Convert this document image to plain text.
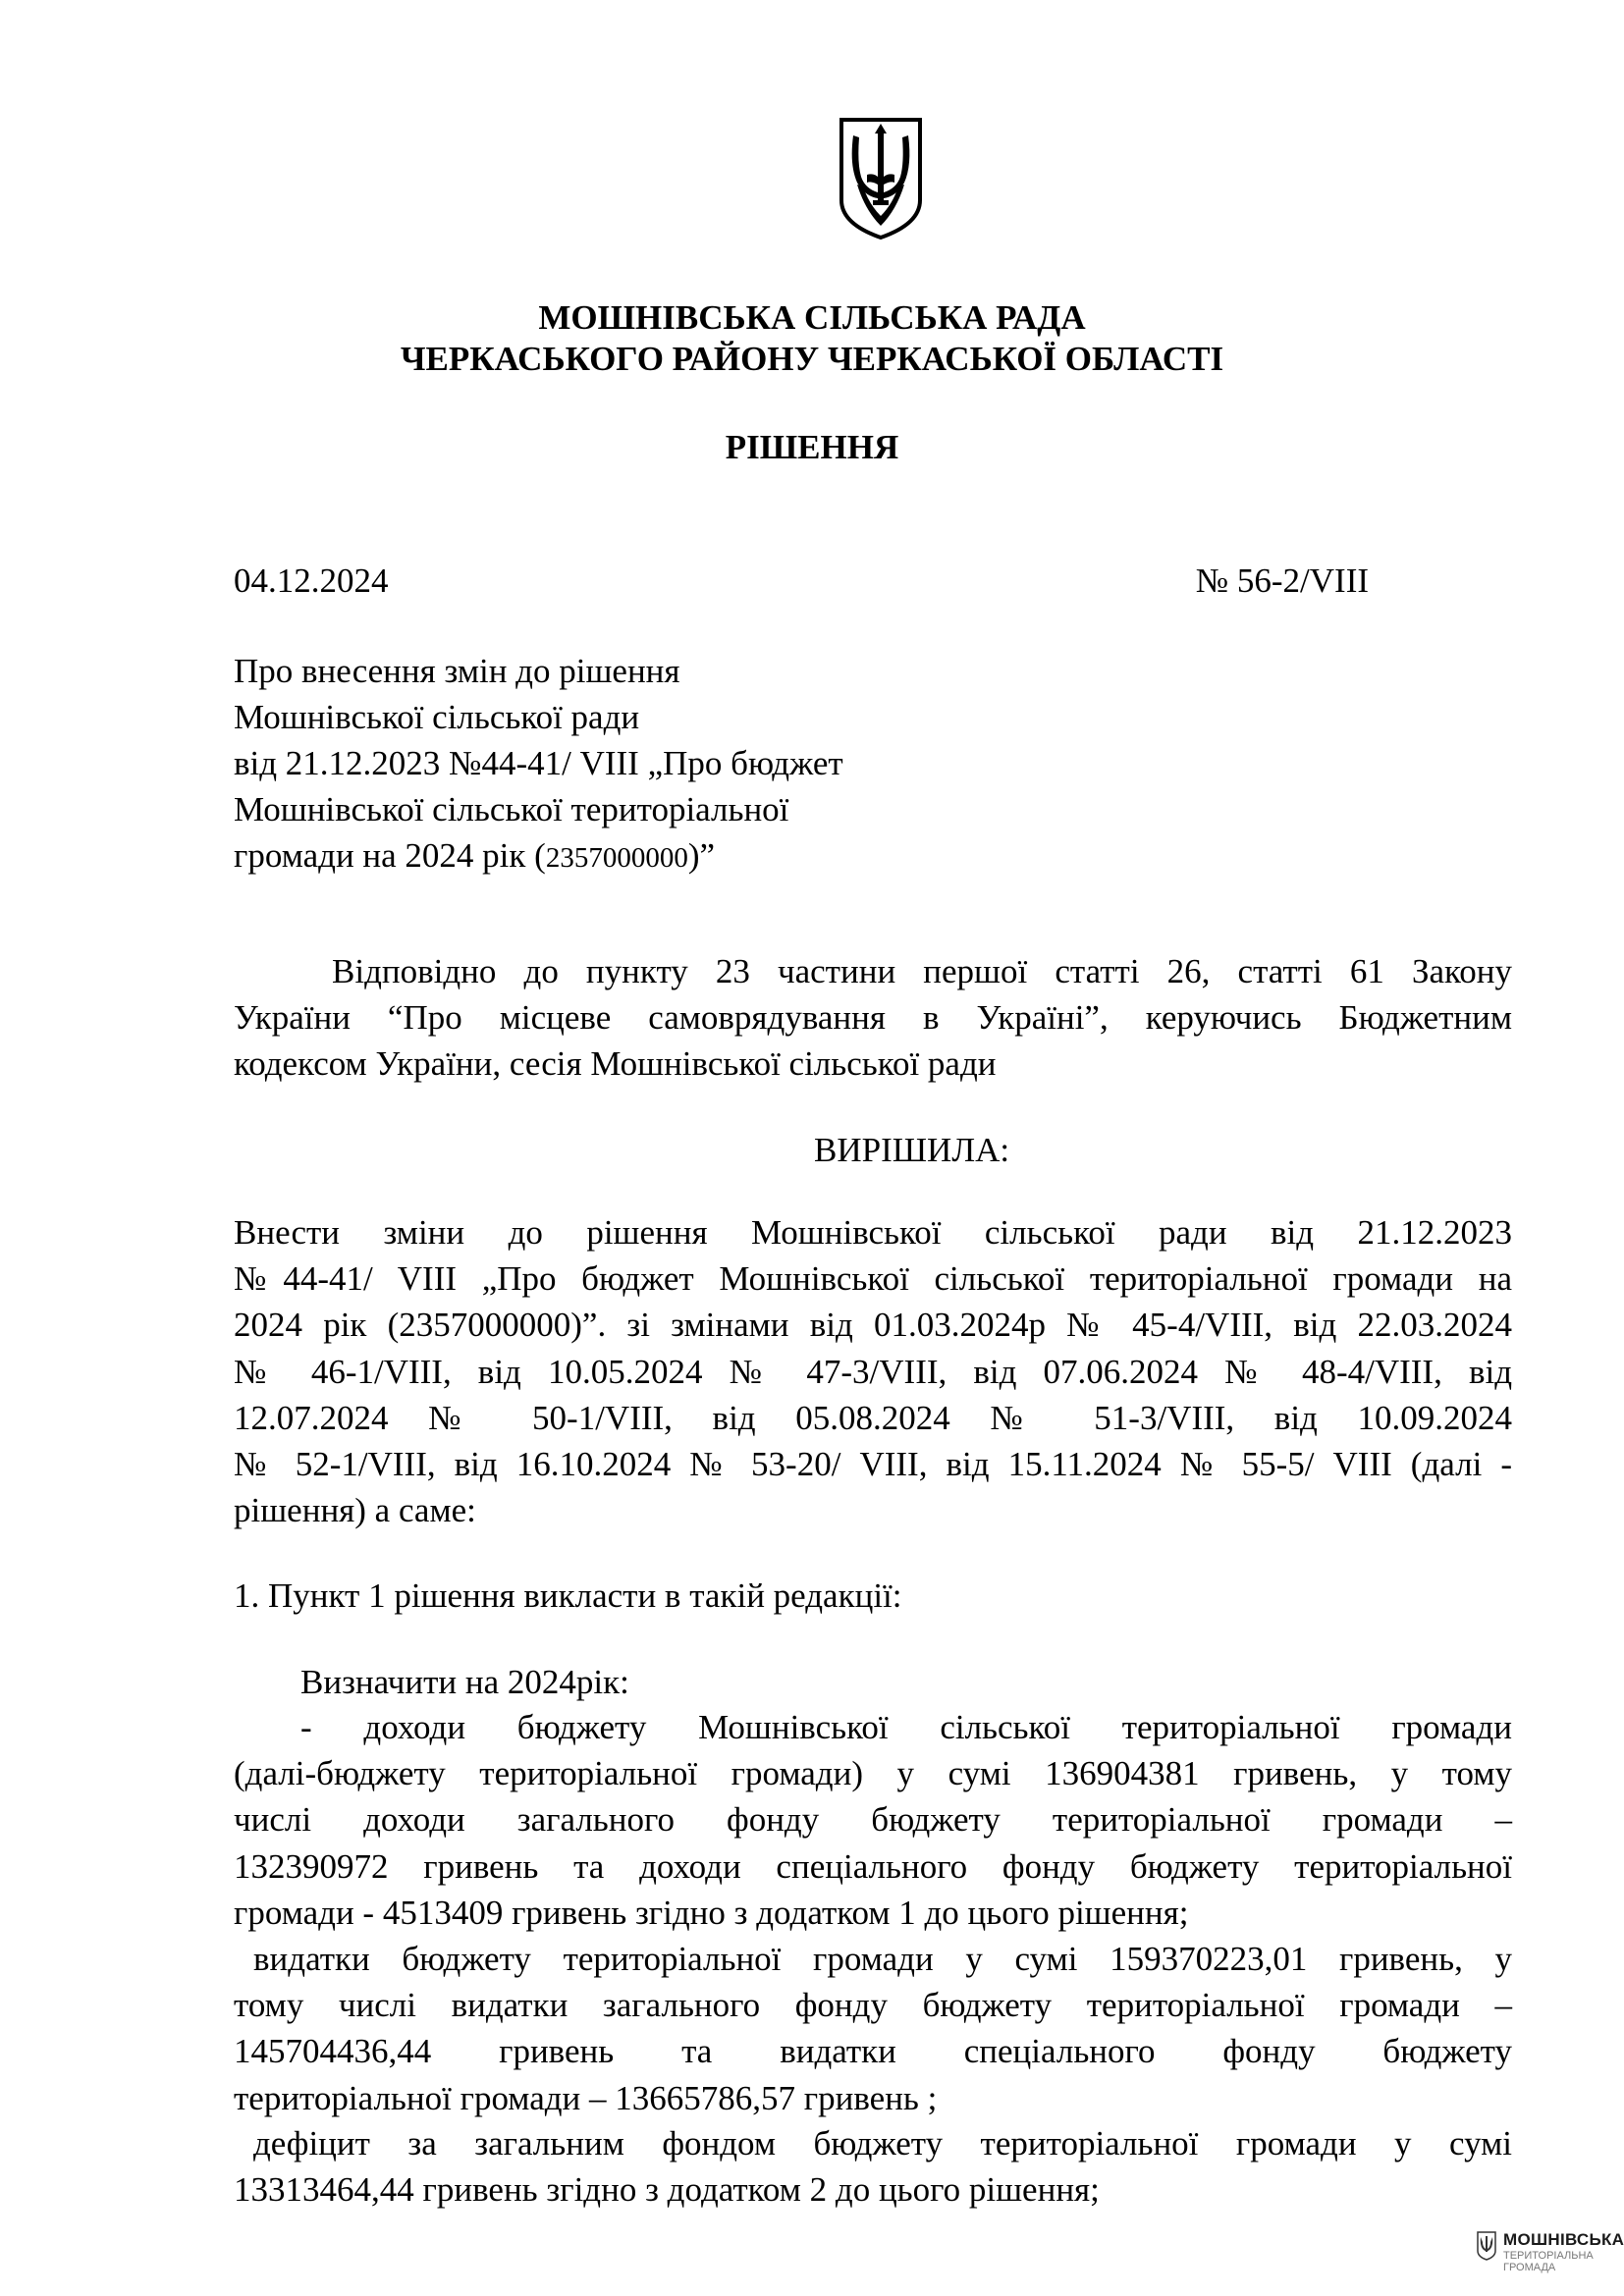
МОШНІВСЬКА СІЛЬСЬКА РАДА
ЧЕРКАСЬКОГО РАЙОНУ ЧЕРКАСЬКОЇ ОБЛАСТІ
РІШЕННЯ
04.12.2024	№ 56-2/VIII
Про внесення змін до рішення
Мошнівської сільської ради
від 21.12.2023 №44-41/ VIII „Про бюджет
Мошнівської сільської територіальної
громади на 2024 рік (2357000000)”
Відповідно до пункту 23 частини першої статті 26, статті 61 Закону
України “Про місцеве самоврядування в Україні”, керуючись Бюджетним
кодексом України, сесія Мошнівської сільської ради
ВИРІШИЛА:
Внести зміни до рішення Мошнівської сільської ради від 21.12.2023
№44-41/ VIII „Про бюджет Мошнівської сільської територіальної громади на
2024 рік (2357000000)”. зі змінами від 01.03.2024р № 45-4/VIII, від 22.03.2024
№ 46-1/VIII, від 10.05.2024 № 47-3/VIII, від 07.06.2024 № 48-4/VIII, від
12.07.2024 № 50-1/VIII, від 05.08.2024 № 51-3/VIII, від 10.09.2024
№ 52-1/VIII, від 16.10.2024 № 53-20/ VIII, від 15.11.2024 № 55-5/ VIII (далі -
рішення) а саме:
1. Пункт 1 рішення викласти в такій редакції:
Визначити на 2024рік:
- доходи бюджету Мошнівської сільської територіальної громади
(далі-бюджету територіальної громади) у сумі 136904381 гривень, у тому
числі доходи загального фонду бюджету територіальної громади –
132390972 гривень та доходи спеціального фонду бюджету територіальної
громади - 4513409 гривень згідно з додатком 1 до цього рішення;
видатки бюджету територіальної громади у сумі 159370223,01 гривень, у
тому числі видатки загального фонду бюджету територіальної громади –
145704436,44 гривень та видатки спеціального фонду бюджету
територіальної громади – 13665786,57 гривень ;
дефіцит за загальним фондом бюджету територіальної громади у сумі
13313464,44 гривень згідно з додатком 2 до цього рішення;
МОШНІВСЬКА
ТЕРИТОРІАЛЬНА
ГРОМАДА
